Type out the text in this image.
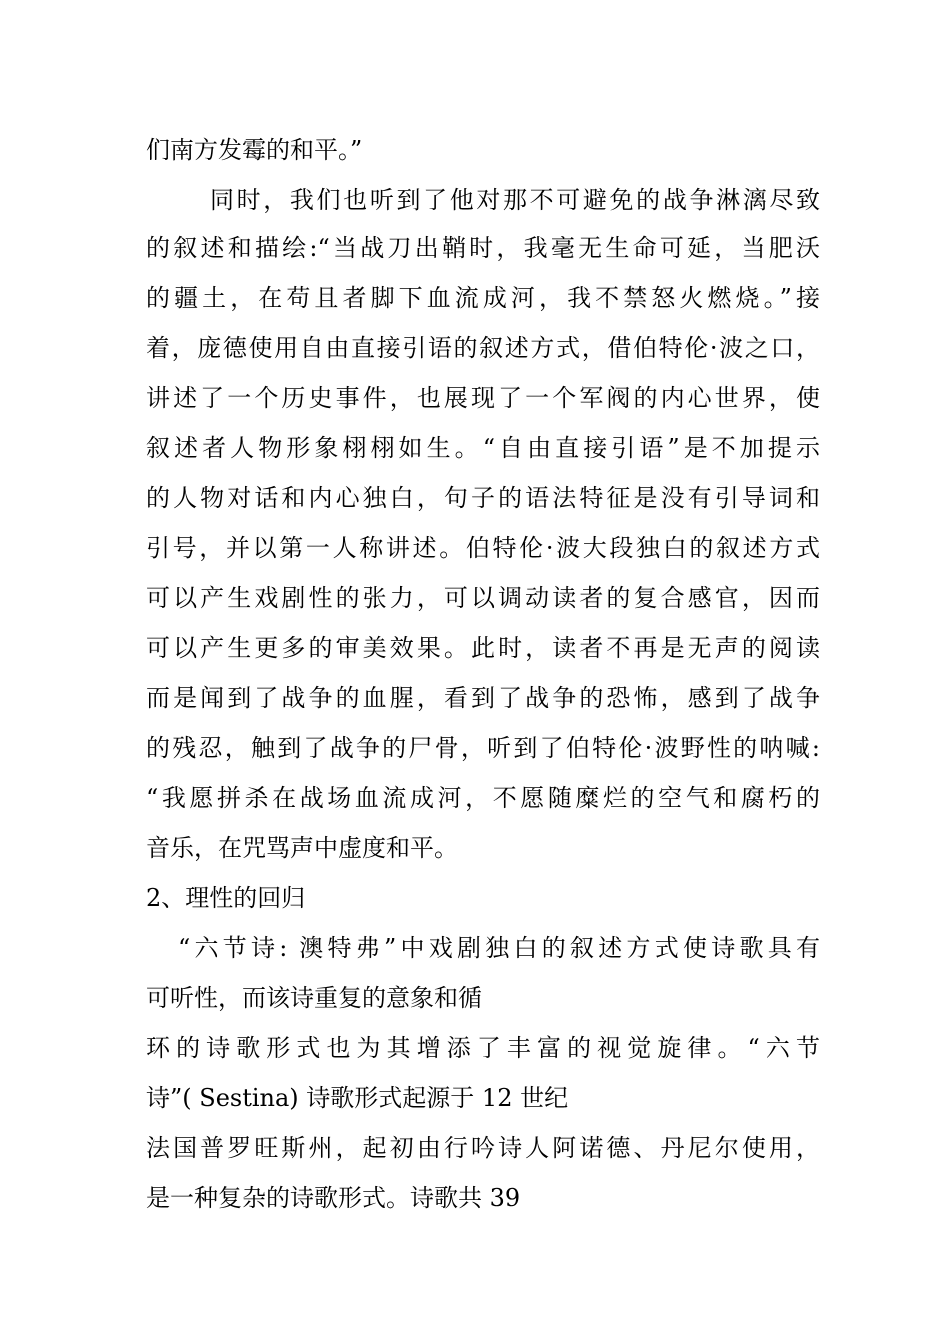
们南方发霉的和平。”
同时，我们也听到了他对那不可避免的战争淋漓尽致
的叙述和描绘:“当战刀出鞘时，我毫无生命可延，当肥沃
的疆土，在苟且者脚下血流成河，我不禁怒火燃烧。”接
着，庞德使用自由直接引语的叙述方式，借伯特伦·波之口，
讲述了一个历史事件，也展现了一个军阀的内心世界，使
叙述者人物形象栩栩如生。“自由直接引语”是不加提示
的人物对话和内心独白，句子的语法特征是没有引导词和
引号，并以第一人称讲述。伯特伦·波大段独白的叙述方式
可以产生戏剧性的张力，可以调动读者的复合感官，因而
可以产生更多的审美效果。此时，读者不再是无声的阅读
而是闻到了战争的血腥，看到了战争的恐怖，感到了战争
的残忍，触到了战争的尸骨，听到了伯特伦·波野性的呐喊:
“我愿拼杀在战场血流成河，不愿随糜烂的空气和腐朽的
音乐，在咒骂声中虚度和平。
2、理性的回归
“六节诗: 澳特弗”中戏剧独白的叙述方式使诗歌具有
可听性，而该诗重复的意象和循
环的诗歌形式也为其增添了丰富的视觉旋律。“六节
诗”( Sestina) 诗歌形式起源于 12 世纪
法国普罗旺斯州，起初由行吟诗人阿诺德、丹尼尔使用，
是一种复杂的诗歌形式。诗歌共 39
